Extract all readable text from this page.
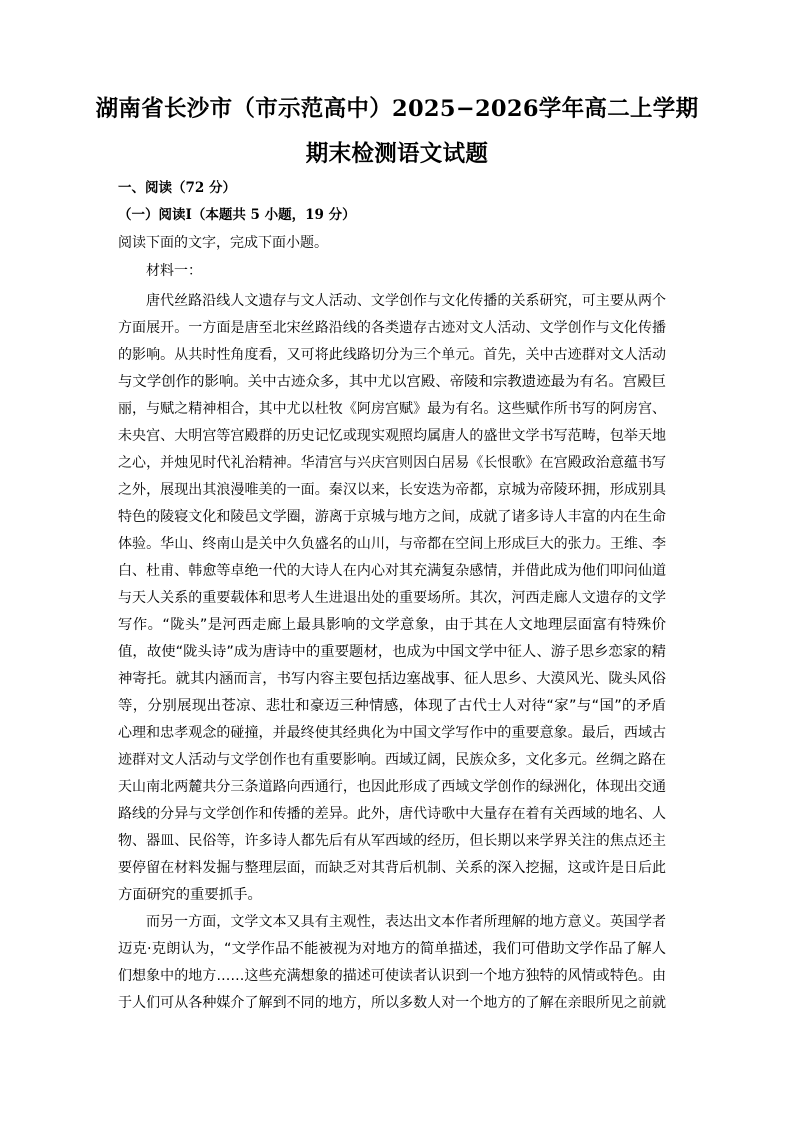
湖南省长沙市（市示范高中）2025−2026学年高二上学期
期末检测语文试题
一、阅读（72 分）
（一）阅读Ⅰ（本题共 5 小题，19 分）
阅读下面的文字，完成下面小题。
材料一：
唐代丝路沿线人文遗存与文人活动、文学创作与文化传播的关系研究，可主要从两个
方面展开。一方面是唐至北宋丝路沿线的各类遗存古迹对文人活动、文学创作与文化传播
的影响。从共时性角度看，又可将此线路切分为三个单元。首先，关中古迹群对文人活动
与文学创作的影响。关中古迹众多，其中尤以宫殿、帝陵和宗教遗迹最为有名。宫殿巨
丽，与赋之精神相合，其中尤以杜牧《阿房宫赋》最为有名。这些赋作所书写的阿房宫、
未央宫、大明宫等宫殿群的历史记忆或现实观照均属唐人的盛世文学书写范畴，包举天地
之心，并烛见时代礼治精神。华清宫与兴庆宫则因白居易《长恨歌》在宫殿政治意蕴书写
之外，展现出其浪漫唯美的一面。秦汉以来，长安迭为帝都，京城为帝陵环拥，形成别具
特色的陵寝文化和陵邑文学圈，游离于京城与地方之间，成就了诸多诗人丰富的内在生命
体验。华山、终南山是关中久负盛名的山川，与帝都在空间上形成巨大的张力。王维、李
白、杜甫、韩愈等卓绝一代的大诗人在内心对其充满复杂感情，并借此成为他们叩问仙道
与天人关系的重要载体和思考人生进退出处的重要场所。其次，河西走廊人文遗存的文学
写作。“陇头”是河西走廊上最具影响的文学意象，由于其在人文地理层面富有特殊价
值，故使“陇头诗”成为唐诗中的重要题材，也成为中国文学中征人、游子思乡恋家的精
神寄托。就其内涵而言，书写内容主要包括边塞战事、征人思乡、大漠风光、陇头风俗
等，分别展现出苍凉、悲壮和豪迈三种情感，体现了古代士人对待“家”与“国”的矛盾
心理和忠孝观念的碰撞，并最终使其经典化为中国文学写作中的重要意象。最后，西域古
迹群对文人活动与文学创作也有重要影响。西域辽阔，民族众多，文化多元。丝绸之路在
天山南北两麓共分三条道路向西通行，也因此形成了西域文学创作的绿洲化，体现出交通
路线的分异与文学创作和传播的差异。此外，唐代诗歌中大量存在着有关西域的地名、人
物、器皿、民俗等，许多诗人都先后有从军西域的经历，但长期以来学界关注的焦点还主
要停留在材料发掘与整理层面，而缺乏对其背后机制、关系的深入挖掘，这或许是日后此
方面研究的重要抓手。
而另一方面，文学文本又具有主观性，表达出文本作者所理解的地方意义。英国学者
迈克·克朗认为，“文学作品不能被视为对地方的简单描述，我们可借助文学作品了解人
们想象中的地方……这些充满想象的描述可使读者认识到一个地方独特的风情或特色。由
于人们可从各种媒介了解到不同的地方，所以多数人对一个地方的了解在亲眼所见之前就
